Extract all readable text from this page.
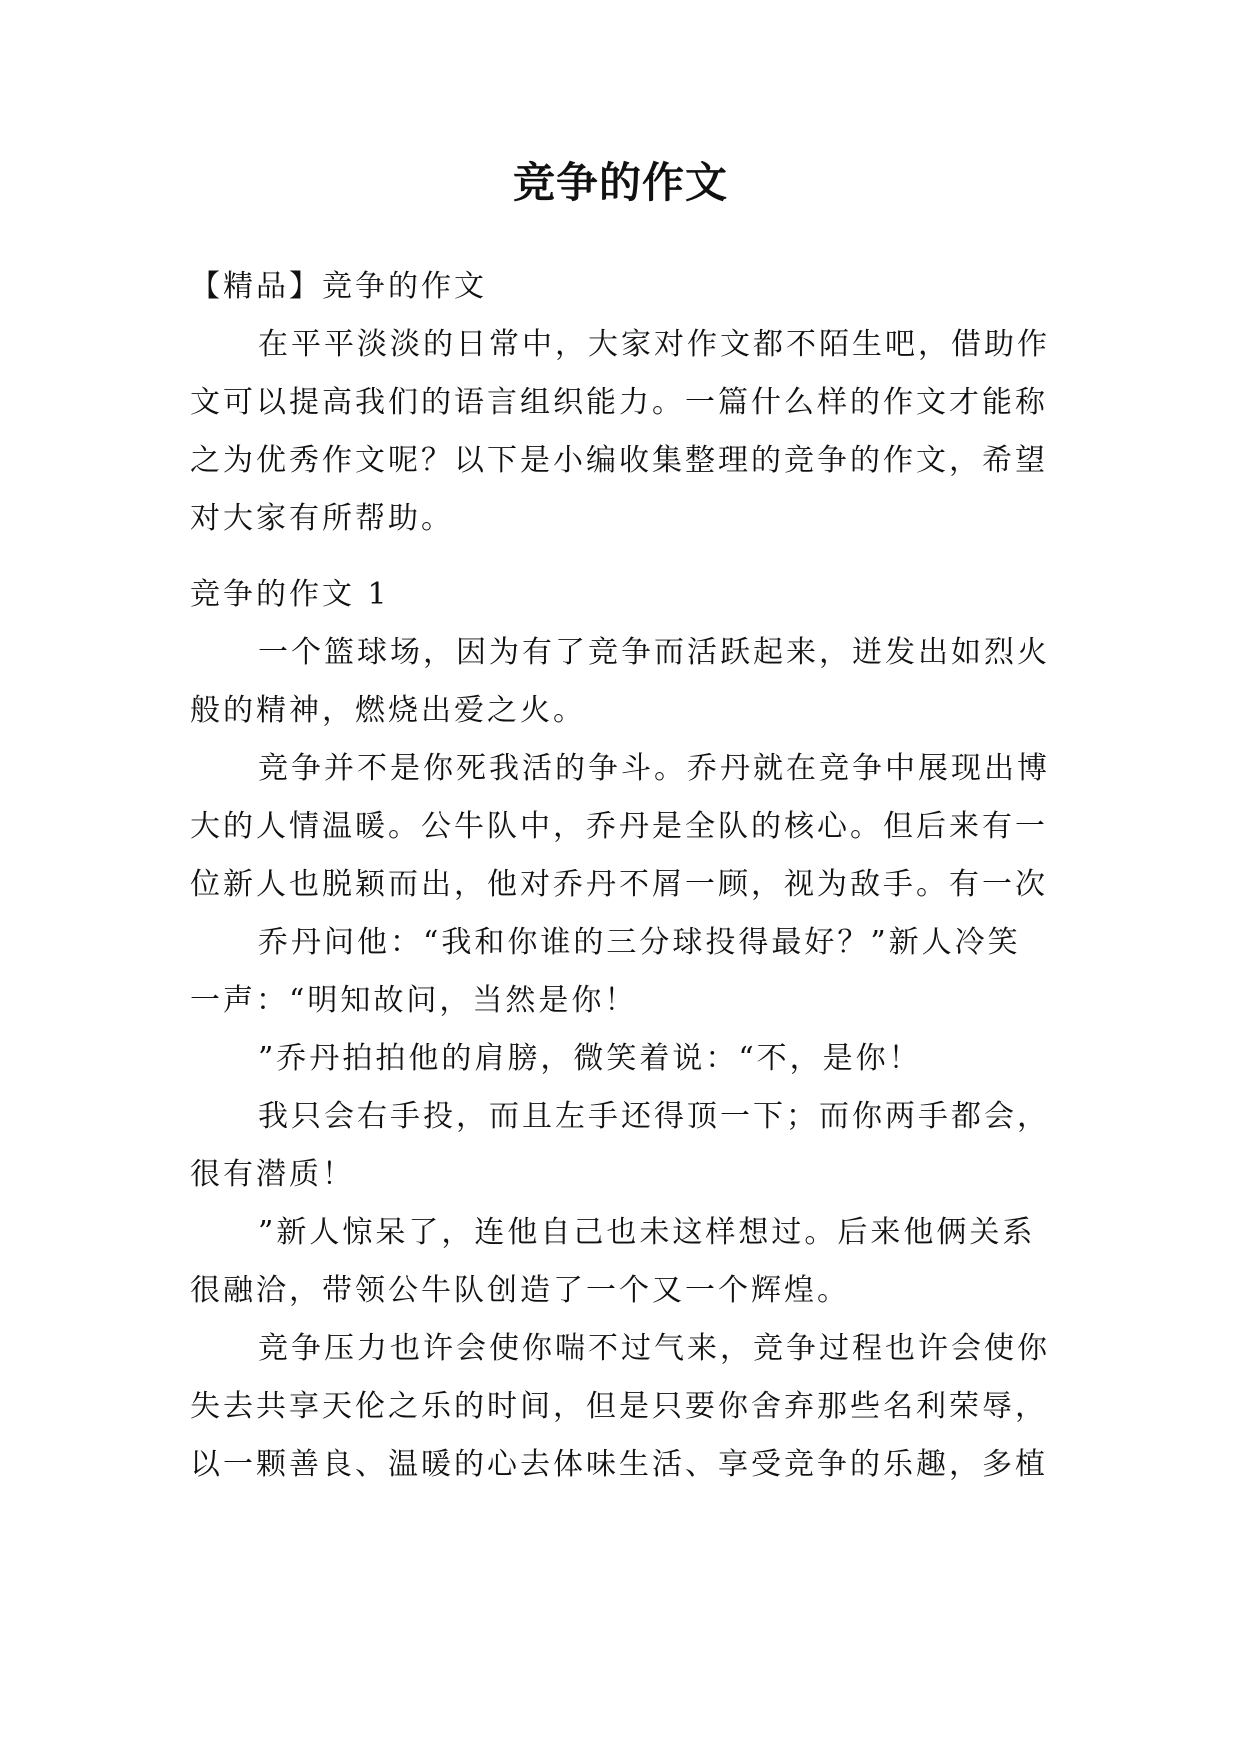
竞争的作文
【精品】竞争的作文
在平平淡淡的日常中，大家对作文都不陌生吧，借助作
文可以提高我们的语言组织能力。一篇什么样的作文才能称
之为优秀作文呢？以下是小编收集整理的竞争的作文，希望
对大家有所帮助。
竞争的作文 1
一个篮球场，因为有了竞争而活跃起来，迸发出如烈火
般的精神，燃烧出爱之火。
竞争并不是你死我活的争斗。乔丹就在竞争中展现出博
大的人情温暖。公牛队中，乔丹是全队的核心。但后来有一
位新人也脱颖而出，他对乔丹不屑一顾，视为敌手。有一次
乔丹问他：“我和你谁的三分球投得最好？”新人冷笑
一声：“明知故问，当然是你！
”乔丹拍拍他的肩膀，微笑着说：“不，是你！
我只会右手投，而且左手还得顶一下；而你两手都会，
很有潜质！
”新人惊呆了，连他自己也未这样想过。后来他俩关系
很融洽，带领公牛队创造了一个又一个辉煌。
竞争压力也许会使你喘不过气来，竞争过程也许会使你
失去共享天伦之乐的时间，但是只要你舍弃那些名利荣辱，
以一颗善良、温暖的心去体味生活、享受竞争的乐趣，多植
